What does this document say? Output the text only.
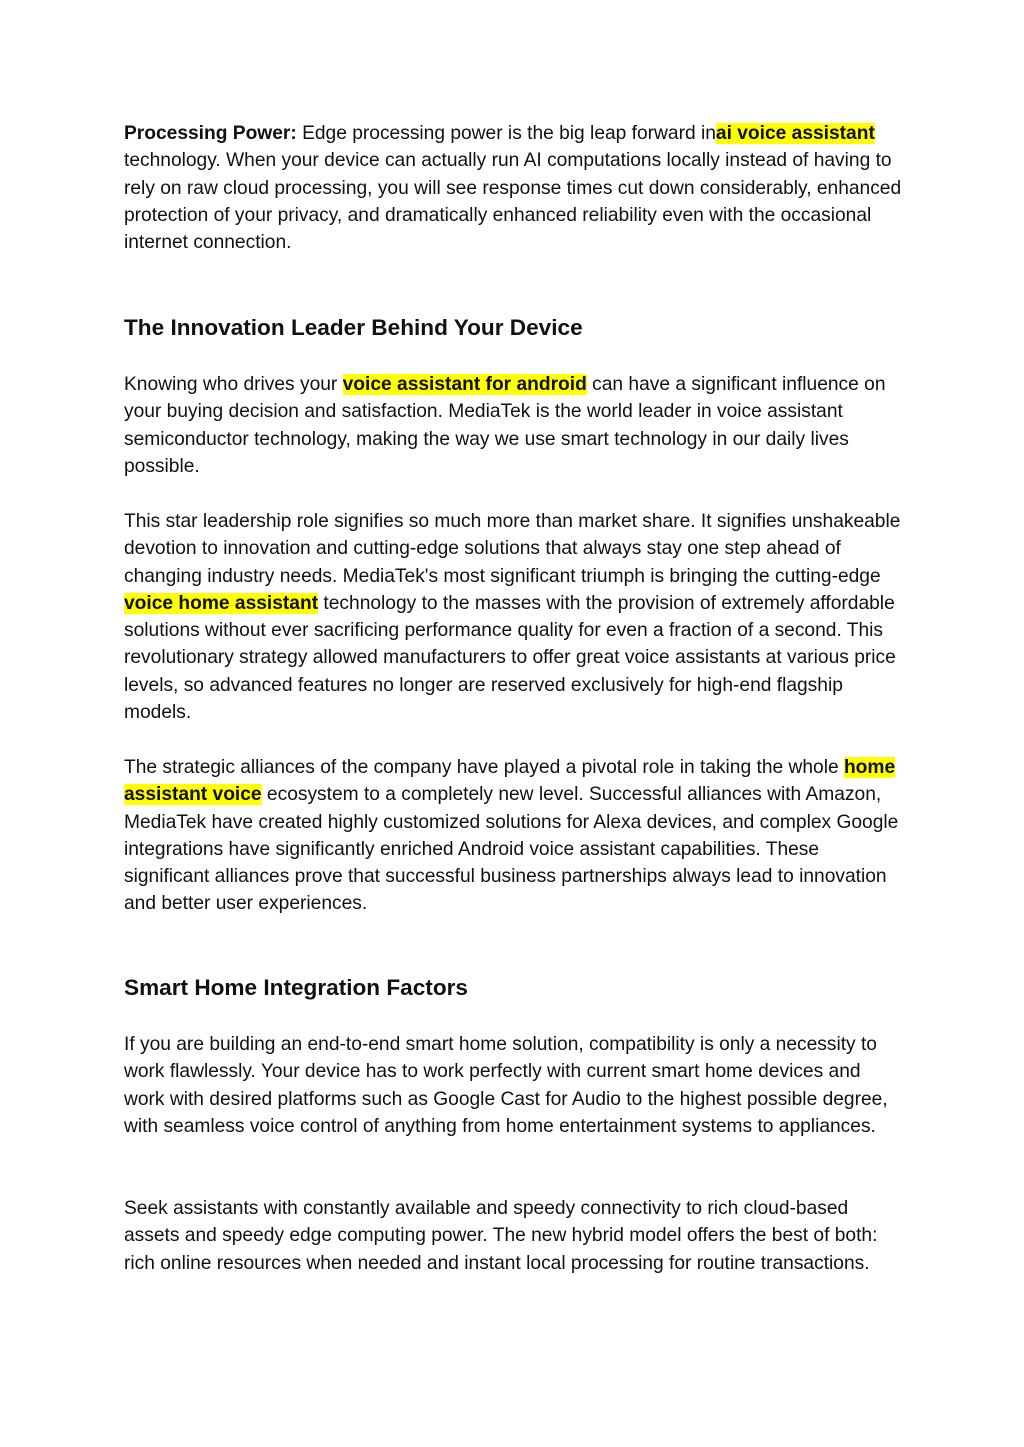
Processing Power: Edge processing power is the big leap forward inai voice assistant technology. When your device can actually run AI computations locally instead of having to rely on raw cloud processing, you will see response times cut down considerably, enhanced protection of your privacy, and dramatically enhanced reliability even with the occasional internet connection.

The Innovation Leader Behind Your Device

Knowing who drives your voice assistant for android can have a significant influence on your buying decision and satisfaction. MediaTek is the world leader in voice assistant semiconductor technology, making the way we use smart technology in our daily lives possible.

This star leadership role signifies so much more than market share. It signifies unshakeable devotion to innovation and cutting-edge solutions that always stay one step ahead of changing industry needs. MediaTek's most significant triumph is bringing the cutting-edge voice home assistant technology to the masses with the provision of extremely affordable solutions without ever sacrificing performance quality for even a fraction of a second. This revolutionary strategy allowed manufacturers to offer great voice assistants at various price levels, so advanced features no longer are reserved exclusively for high-end flagship models.

The strategic alliances of the company have played a pivotal role in taking the whole home assistant voice ecosystem to a completely new level. Successful alliances with Amazon, MediaTek have created highly customized solutions for Alexa devices, and complex Google integrations have significantly enriched Android voice assistant capabilities. These significant alliances prove that successful business partnerships always lead to innovation and better user experiences.

Smart Home Integration Factors

If you are building an end-to-end smart home solution, compatibility is only a necessity to work flawlessly. Your device has to work perfectly with current smart home devices and work with desired platforms such as Google Cast for Audio to the highest possible degree, with seamless voice control of anything from home entertainment systems to appliances.

Seek assistants with constantly available and speedy connectivity to rich cloud-based assets and speedy edge computing power. The new hybrid model offers the best of both: rich online resources when needed and instant local processing for routine transactions.
